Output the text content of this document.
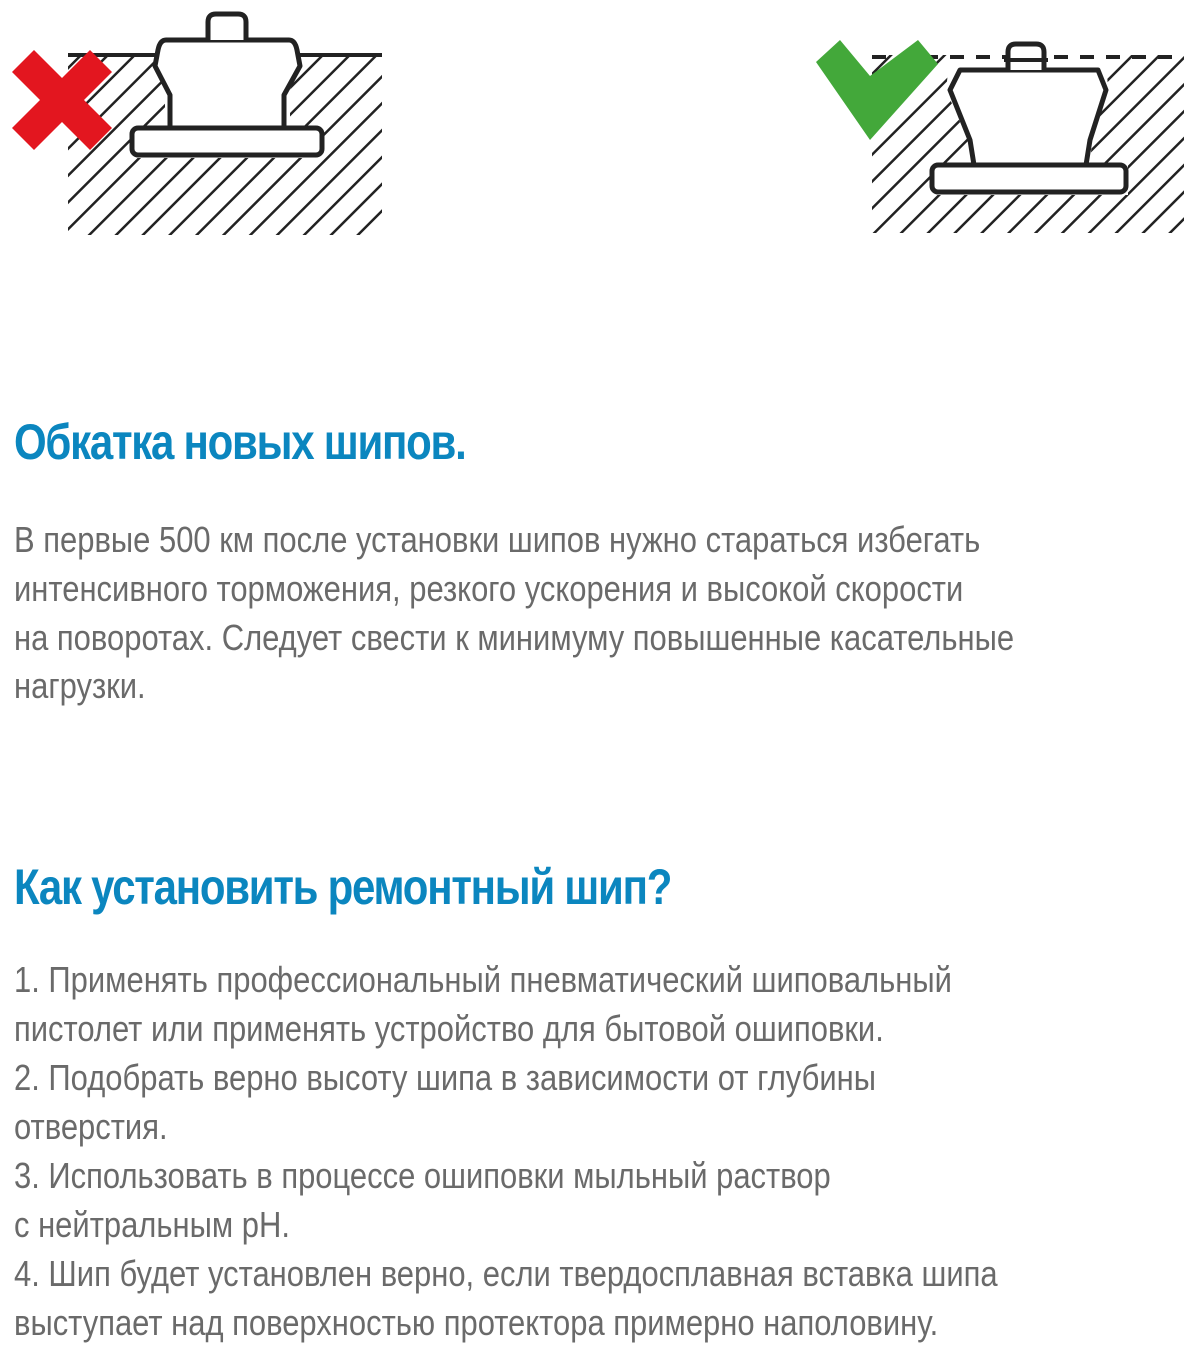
Обкатка новых шипов.
В первые 500 км после установки шипов нужно стараться избегать
интенсивного торможения, резкого ускорения и высокой скорости
на поворотах. Следует свести к минимуму повышенные касательные
нагрузки.
Как установить ремонтный шип?
1. Применять профессиональный пневматический шиповальный
пистолет или применять устройство для бытовой ошиповки.
2. Подобрать верно высоту шипа в зависимости от глубины
отверстия.
3. Использовать в процессе ошиповки мыльный раствор
с нейтральным pH.
4. Шип будет установлен верно, если твердосплавная вставка шипа
выступает над поверхностью протектора примерно наполовину.
